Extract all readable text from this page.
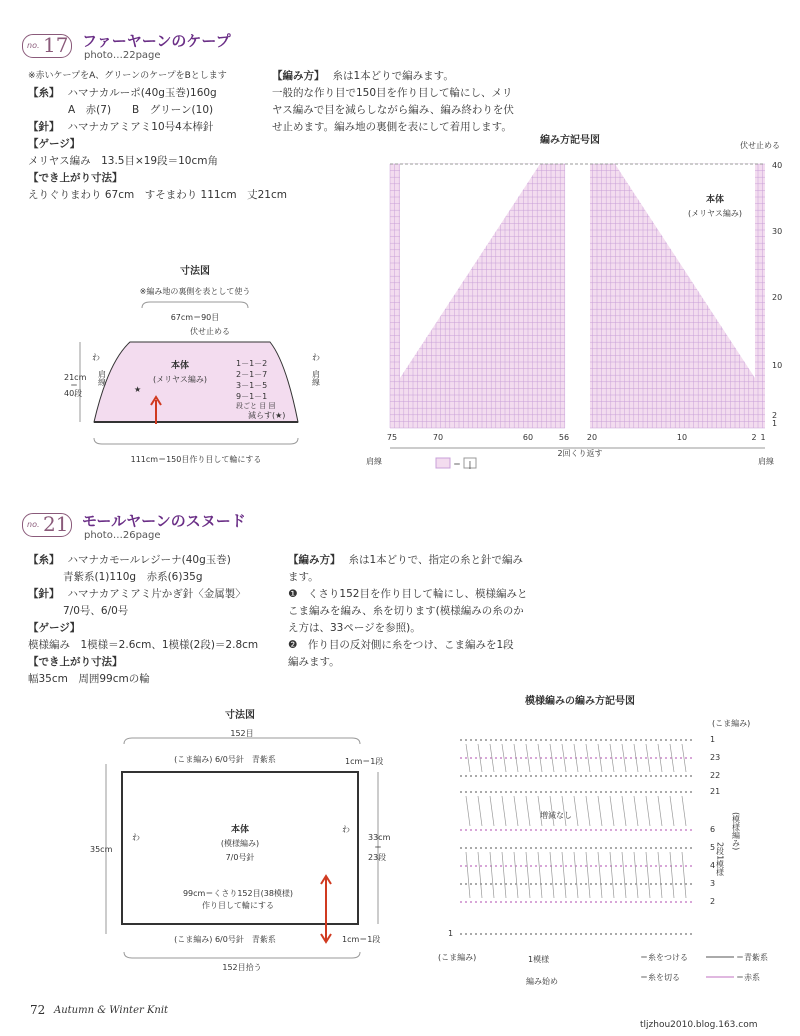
no. 17 ファーヤーンのケープ
photo…22page
※赤いケープをA、グリーンのケープをBとします
【糸】 ハマナカルーポ(40g玉巻)160g
A　赤(7)　　B　グリーン(10)
【針】 ハマナカアミアミ10号4本棒針
【ゲージ】
メリヤス編み　13.5目×19段＝10cm角
【でき上がり寸法】
えりぐりまわり 67cm　すそまわり 111cm　丈21cm
【編み方】 糸は1本どりで編みます。
一般的な作り目で150目を作り目して輪にし、メリ
ヤス編みで目を減らしながら編み、編み終わりを伏
せ止めます。編み地の裏側を表にして着用します。
寸法図
※編み地の裏側を表として使う
67cm＝90目
伏せ止める
本体
(メリヤス編み)
1－1－2
2－1－7
3－1－5
9－1－1
段ごと 目 回
減らす(★)
★
わ
肩線
わ
肩線
21cm
＝
40段
111cm＝150目作り目して輪にする
編み方記号図	伏せ止める
本体
(メリヤス編み)
40
30
20
10
2
1
75	70	60	56 20	10	2 1
2回くり返す
肩線	肩線
＝ |
no. 21 モールヤーンのスヌード
photo…26page
【糸】 ハマナカモールレジーナ(40g玉巻)
青紫系(1)110g　赤系(6)35g
【針】 ハマナカアミアミ片かぎ針〈金属製〉
7/0号、6/0号
【ゲージ】
模様編み　1模様＝2.6cm、1模様(2段)＝2.8cm
【でき上がり寸法】
幅35cm　周囲99cmの輪
【編み方】 糸は1本どりで、指定の糸と針で編み
ます。
❶　くさり152目を作り目して輪にし、模様編みと
こま編みを編み、糸を切ります(模様編みの糸のか
え方は、33ページを参照)。
❷　作り目の反対側に糸をつけ、こま編みを1段
編みます。
寸法図
152目
(こま編み) 6/0号針　青紫系	1cm＝1段
本体
(模様編み)
7/0号針
わ
わ
35cm
33cm
＝
23段
99cm＝くさり152目(38模様)
作り目して輪にする
(こま編み) 6/0号針　青紫系	1cm＝1段
152目拾う
模様編みの編み方記号図
(こま編み)
1
23
22
21
6
5
4
3
2
1
(模様編み)
2段1模様
増減なし
1模様
編み始め
(こま編み)	＝糸をつける
＝糸を切る
＝青紫系
＝赤系
72 Autumn & Winter Knit
tljzhou2010.blog.163.com
